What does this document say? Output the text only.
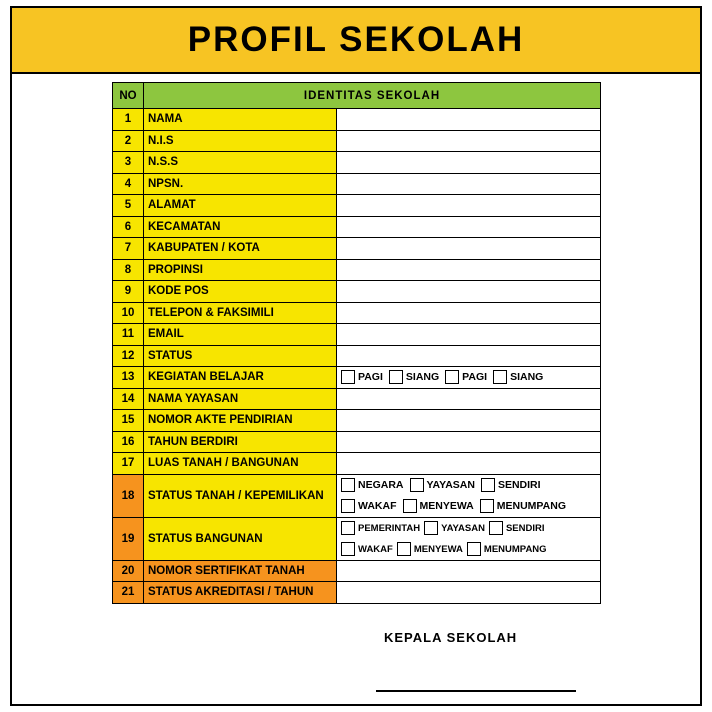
PROFIL SEKOLAH
NO	IDENTITAS SEKOLAH	
1	NAMA	
2	N.I.S	
3	N.S.S	
4	NPSN.	
5	ALAMAT	
6	KECAMATAN	
7	KABUPATEN / KOTA	
8	PROPINSI	
9	KODE POS	
10	TELEPON & FAKSIMILI	
11	EMAIL	
12	STATUS	
13	KEGIATAN BELAJAR	PAGI SIANG PAGI SIANG

14	NAMA YAYASAN	
15	NOMOR AKTE PENDIRIAN	
16	TAHUN BERDIRI	
17	LUAS TANAH / BANGUNAN	
18	STATUS TANAH / KEPEMILIKAN	
NEGARA YAYASAN SENDIRI
WAKAF MENYEWA MENUMPANG

19	STATUS BANGUNAN	
PEMERINTAH YAYASAN SENDIRI
WAKAF MENYEWA MENUMPANG

20	NOMOR SERTIFIKAT TANAH	
21	STATUS AKREDITASI / TAHUN	
KEPALA SEKOLAH
